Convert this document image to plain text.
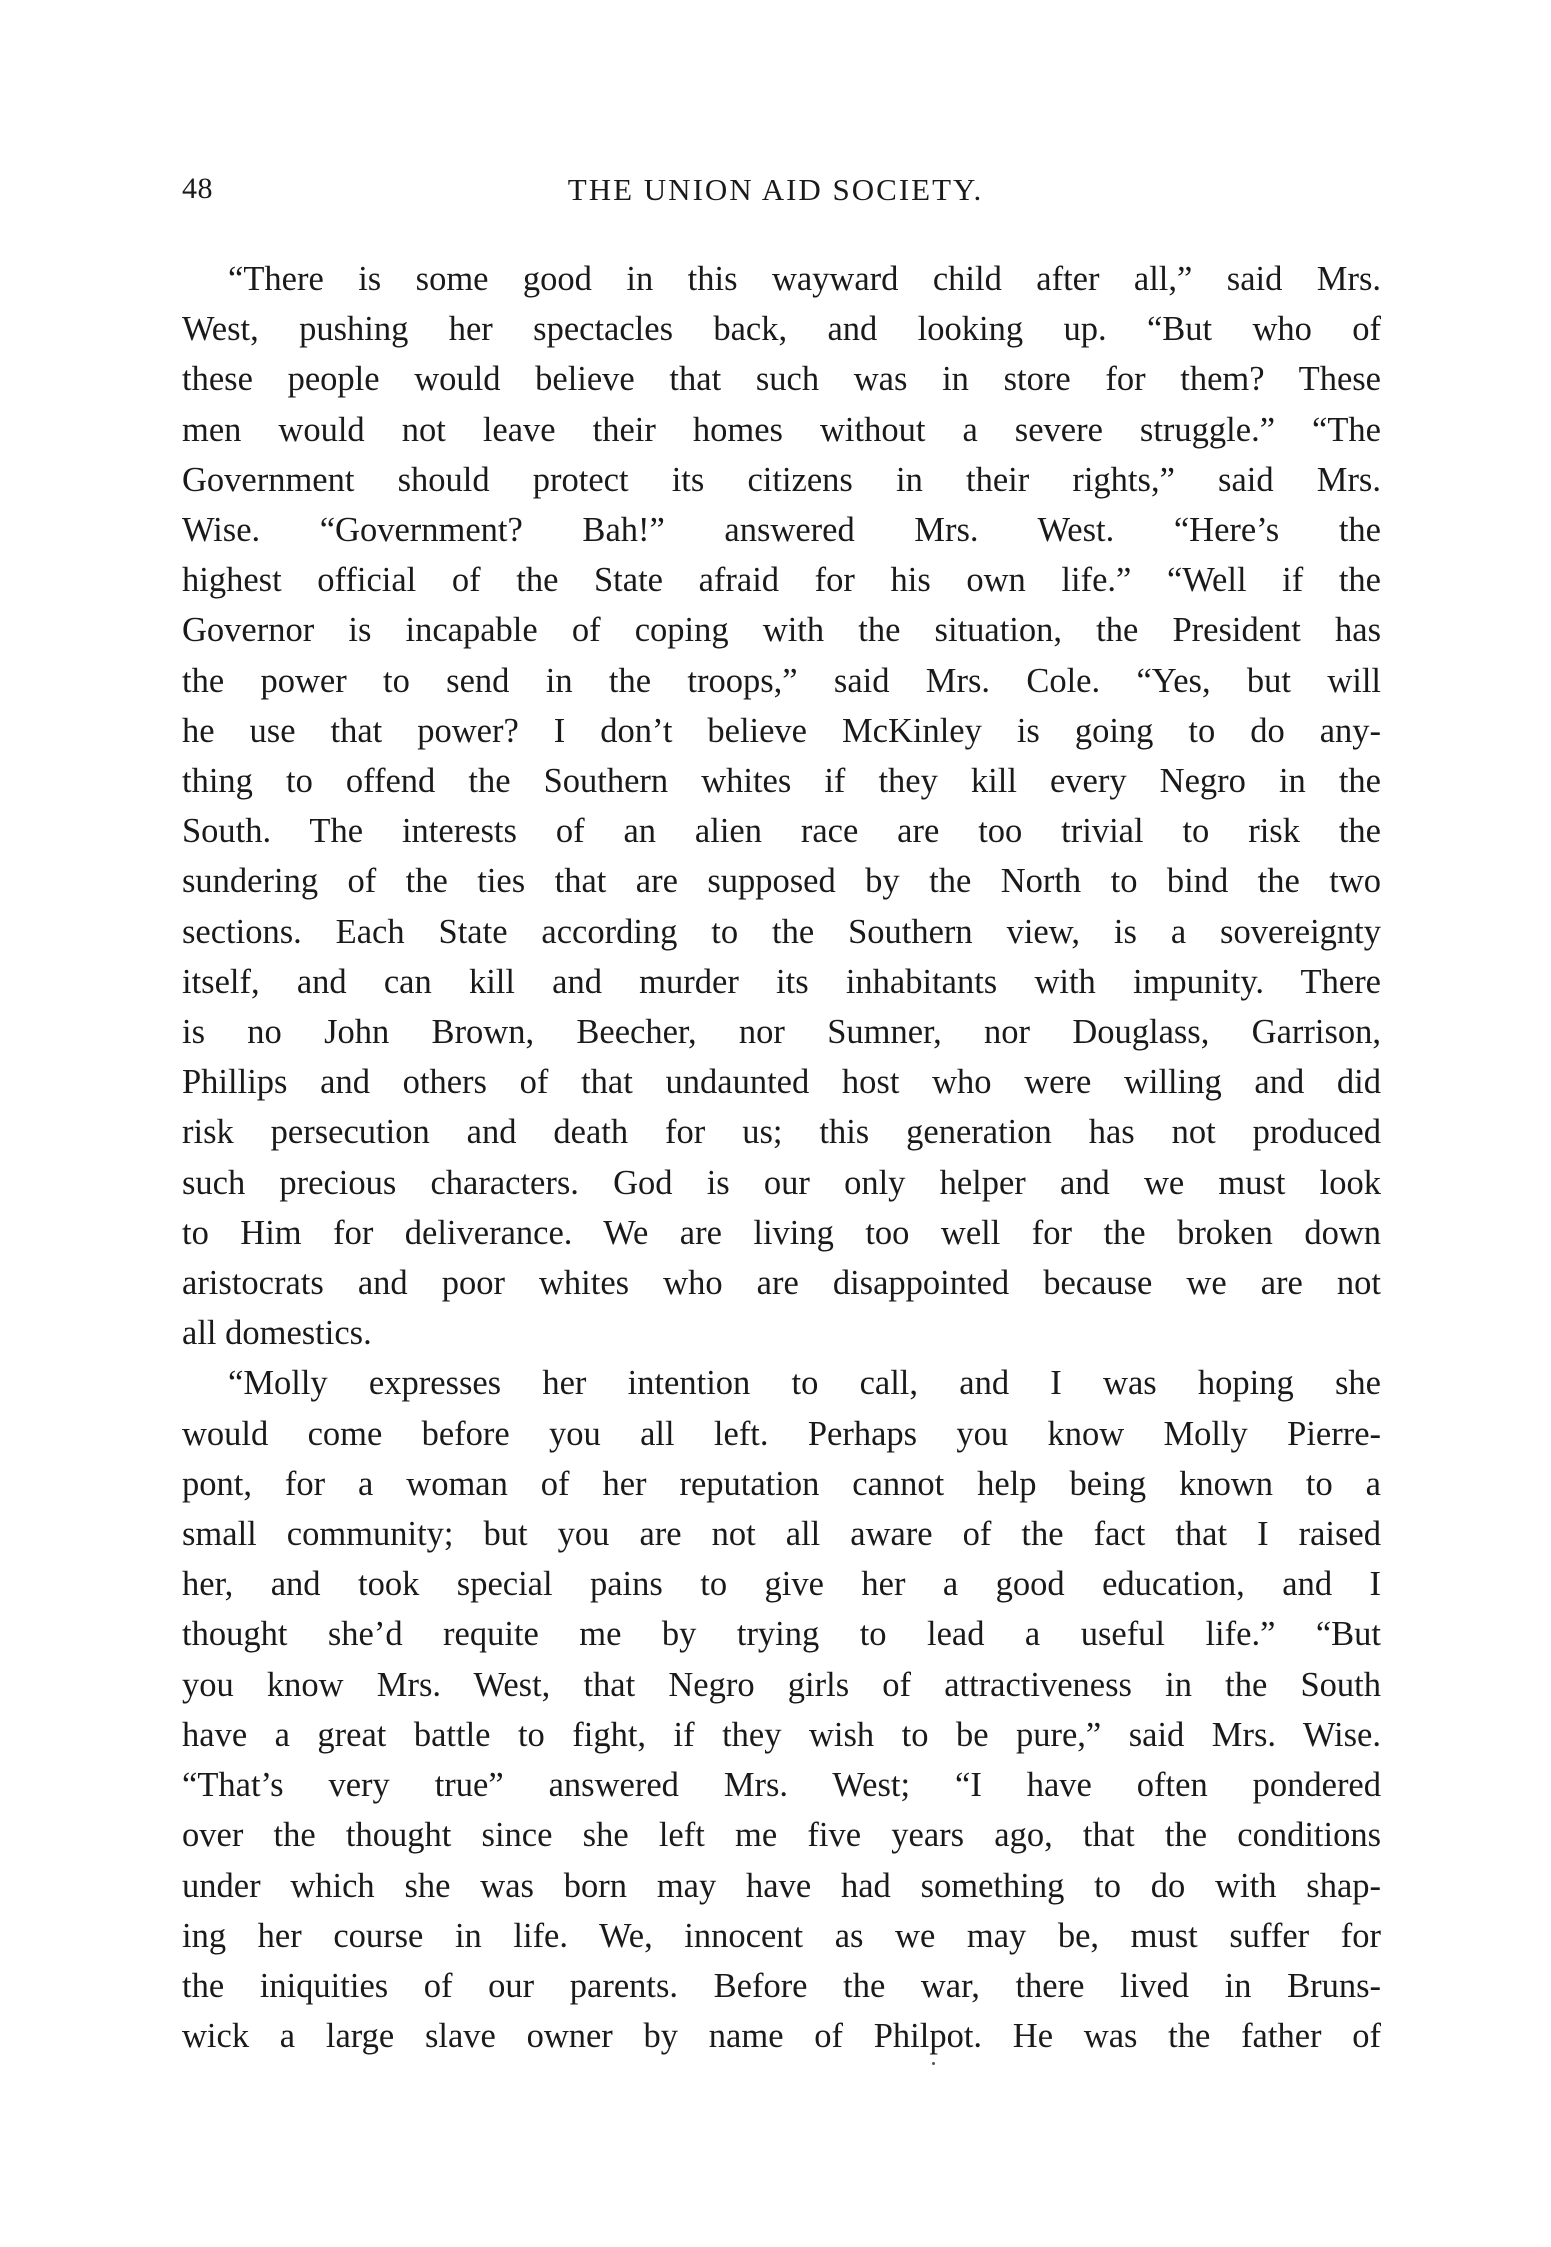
48	THE UNION AID SOCIETY.
“There is some good in this wayward child after all,” said Mrs.
West, pushing her spectacles back, and looking up. “But who of
these people would believe that such was in store for them? These
men would not leave their homes without a severe struggle.” “The
Government should protect its citizens in their rights,” said Mrs.
Wise. “Government? Bah!” answered Mrs. West. “Here’s the
highest official of the State afraid for his own life.” “Well if the
Governor is incapable of coping with the situation, the President has
the power to send in the troops,” said Mrs. Cole. “Yes, but will
he use that power? I don’t believe McKinley is going to do any-
thing to offend the Southern whites if they kill every Negro in the
South. The interests of an alien race are too trivial to risk the
sundering of the ties that are supposed by the North to bind the two
sections. Each State according to the Southern view, is a sovereignty
itself, and can kill and murder its inhabitants with impunity. There
is no John Brown, Beecher, nor Sumner, nor Douglass, Garrison,
Phillips and others of that undaunted host who were willing and did
risk persecution and death for us; this generation has not produced
such precious characters. God is our only helper and we must look
to Him for deliverance. We are living too well for the broken down
aristocrats and poor whites who are disappointed because we are not
all domestics.
“Molly expresses her intention to call, and I was hoping she
would come before you all left. Perhaps you know Molly Pierre-
pont, for a woman of her reputation cannot help being known to a
small community; but you are not all aware of the fact that I raised
her, and took special pains to give her a good education, and I
thought she’d requite me by trying to lead a useful life.” “But
you know Mrs. West, that Negro girls of attractiveness in the South
have a great battle to fight, if they wish to be pure,” said Mrs. Wise.
“That’s very true” answered Mrs. West; “I have often pondered
over the thought since she left me five years ago, that the conditions
under which she was born may have had something to do with shap-
ing her course in life. We, innocent as we may be, must suffer for
the iniquities of our parents. Before the war, there lived in Bruns-
wick a large slave owner by name of Philpot. He was the father of
